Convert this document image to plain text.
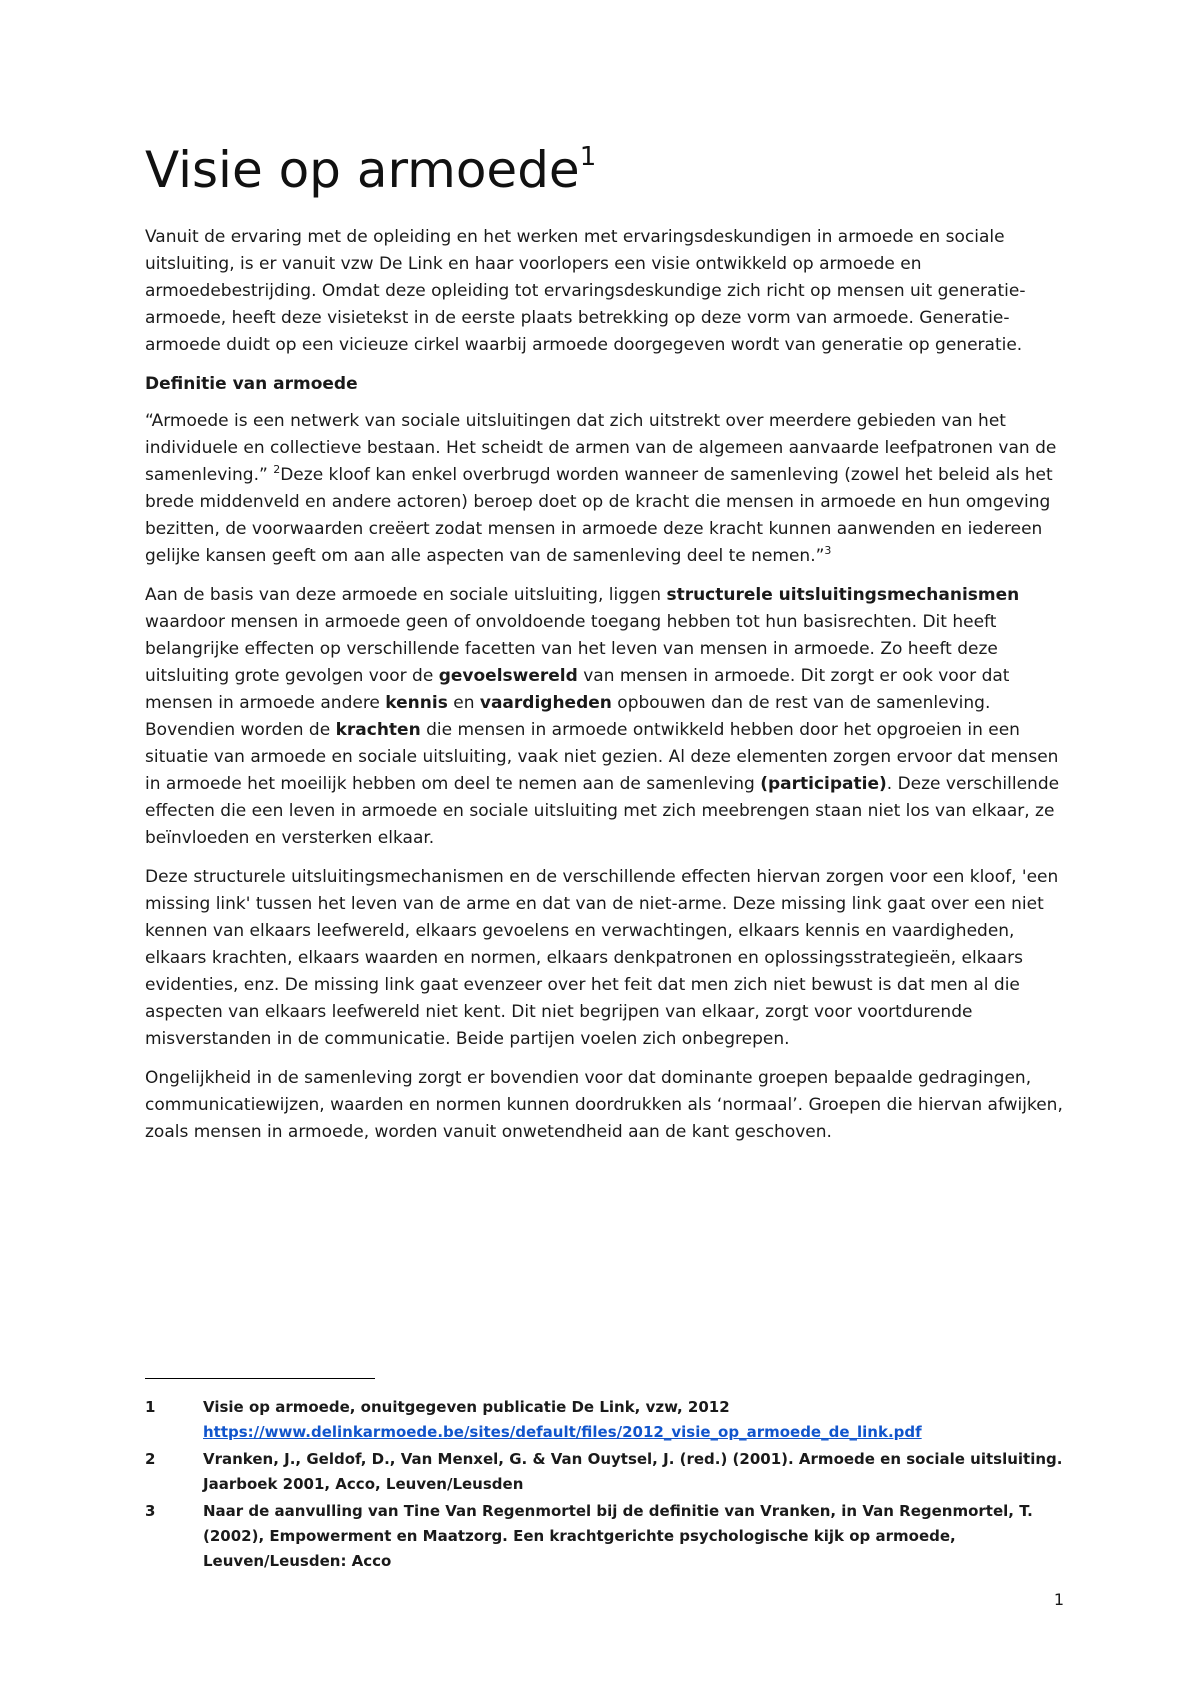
Visie op armoede$^1$

Vanuit de ervaring met de opleiding en het werken met ervaringsdeskundigen in armoede en sociale uitsluiting, is er vanuit vzw De Link en haar voorlopers een visie ontwikkeld op armoede en armoedebestrijding. Omdat deze opleiding tot ervaringsdeskundige zich richt op mensen uit generatie-armoede, heeft deze visietekst in de eerste plaats betrekking op deze vorm van armoede. Generatie-armoede duidt op een vicieuze cirkel waarbij armoede doorgegeven wordt van generatie op generatie.

Definitie van armoede

“Armoede is een netwerk van sociale uitsluitingen dat zich uitstrekt over meerdere gebieden van het individuele en collectieve bestaan. Het scheidt de armen van de algemeen aanvaarde leefpatronen van de samenleving.” $^2$Deze kloof kan enkel overbrugd worden wanneer de samenleving (zowel het beleid als het brede middenveld en andere actoren) beroep doet op de kracht die mensen in armoede en hun omgeving bezitten, de voorwaarden creëert zodat mensen in armoede deze kracht kunnen aanwenden en iedereen gelijke kansen geeft om aan alle aspecten van de samenleving deel te nemen.”$^3$

Aan de basis van deze armoede en sociale uitsluiting, liggen structurele uitsluitingsmechanismen waardoor mensen in armoede geen of onvoldoende toegang hebben tot hun basisrechten. Dit heeft belangrijke effecten op verschillende facetten van het leven van mensen in armoede. Zo heeft deze uitsluiting grote gevolgen voor de gevoelswereld van mensen in armoede. Dit zorgt er ook voor dat mensen in armoede andere kennis en vaardigheden opbouwen dan de rest van de samenleving. Bovendien worden de krachten die mensen in armoede ontwikkeld hebben door het opgroeien in een situatie van armoede en sociale uitsluiting, vaak niet gezien. Al deze elementen zorgen ervoor dat mensen in armoede het moeilijk hebben om deel te nemen aan de samenleving (participatie). Deze verschillende effecten die een leven in armoede en sociale uitsluiting met zich meebrengen staan niet los van elkaar, ze beïnvloeden en versterken elkaar.

Deze structurele uitsluitingsmechanismen en de verschillende effecten hiervan zorgen voor een kloof, 'een missing link' tussen het leven van de arme en dat van de niet-arme. Deze missing link gaat over een niet kennen van elkaars leefwereld, elkaars gevoelens en verwachtingen, elkaars kennis en vaardigheden, elkaars krachten, elkaars waarden en normen, elkaars denkpatronen en oplossingsstrategieën, elkaars evidenties, enz. De missing link gaat evenzeer over het feit dat men zich niet bewust is dat men al die aspecten van elkaars leefwereld niet kent. Dit niet begrijpen van elkaar, zorgt voor voortdurende misverstanden in de communicatie. Beide partijen voelen zich onbegrepen.

Ongelijkheid in de samenleving zorgt er bovendien voor dat dominante groepen bepaalde gedragingen, communicatiewijzen, waarden en normen kunnen doordrukken als ‘normaal’. Groepen die hiervan afwijken, zoals mensen in armoede, worden vanuit onwetendheid aan de kant geschoven.

1	Visie op armoede, onuitgegeven publicatie De Link, vzw, 2012
https://www.delinkarmoede.be/sites/default/files/2012_visie_op_armoede_de_link.pdf
2	Vranken, J., Geldof, D., Van Menxel, G. & Van Ouytsel, J. (red.) (2001). Armoede en sociale uitsluiting. Jaarboek 2001, Acco, Leuven/Leusden
3	Naar de aanvulling van Tine Van Regenmortel bij de definitie van Vranken, in Van Regenmortel, T. (2002), Empowerment en Maatzorg. Een krachtgerichte psychologische kijk op armoede, Leuven/Leusden: Acco
1
